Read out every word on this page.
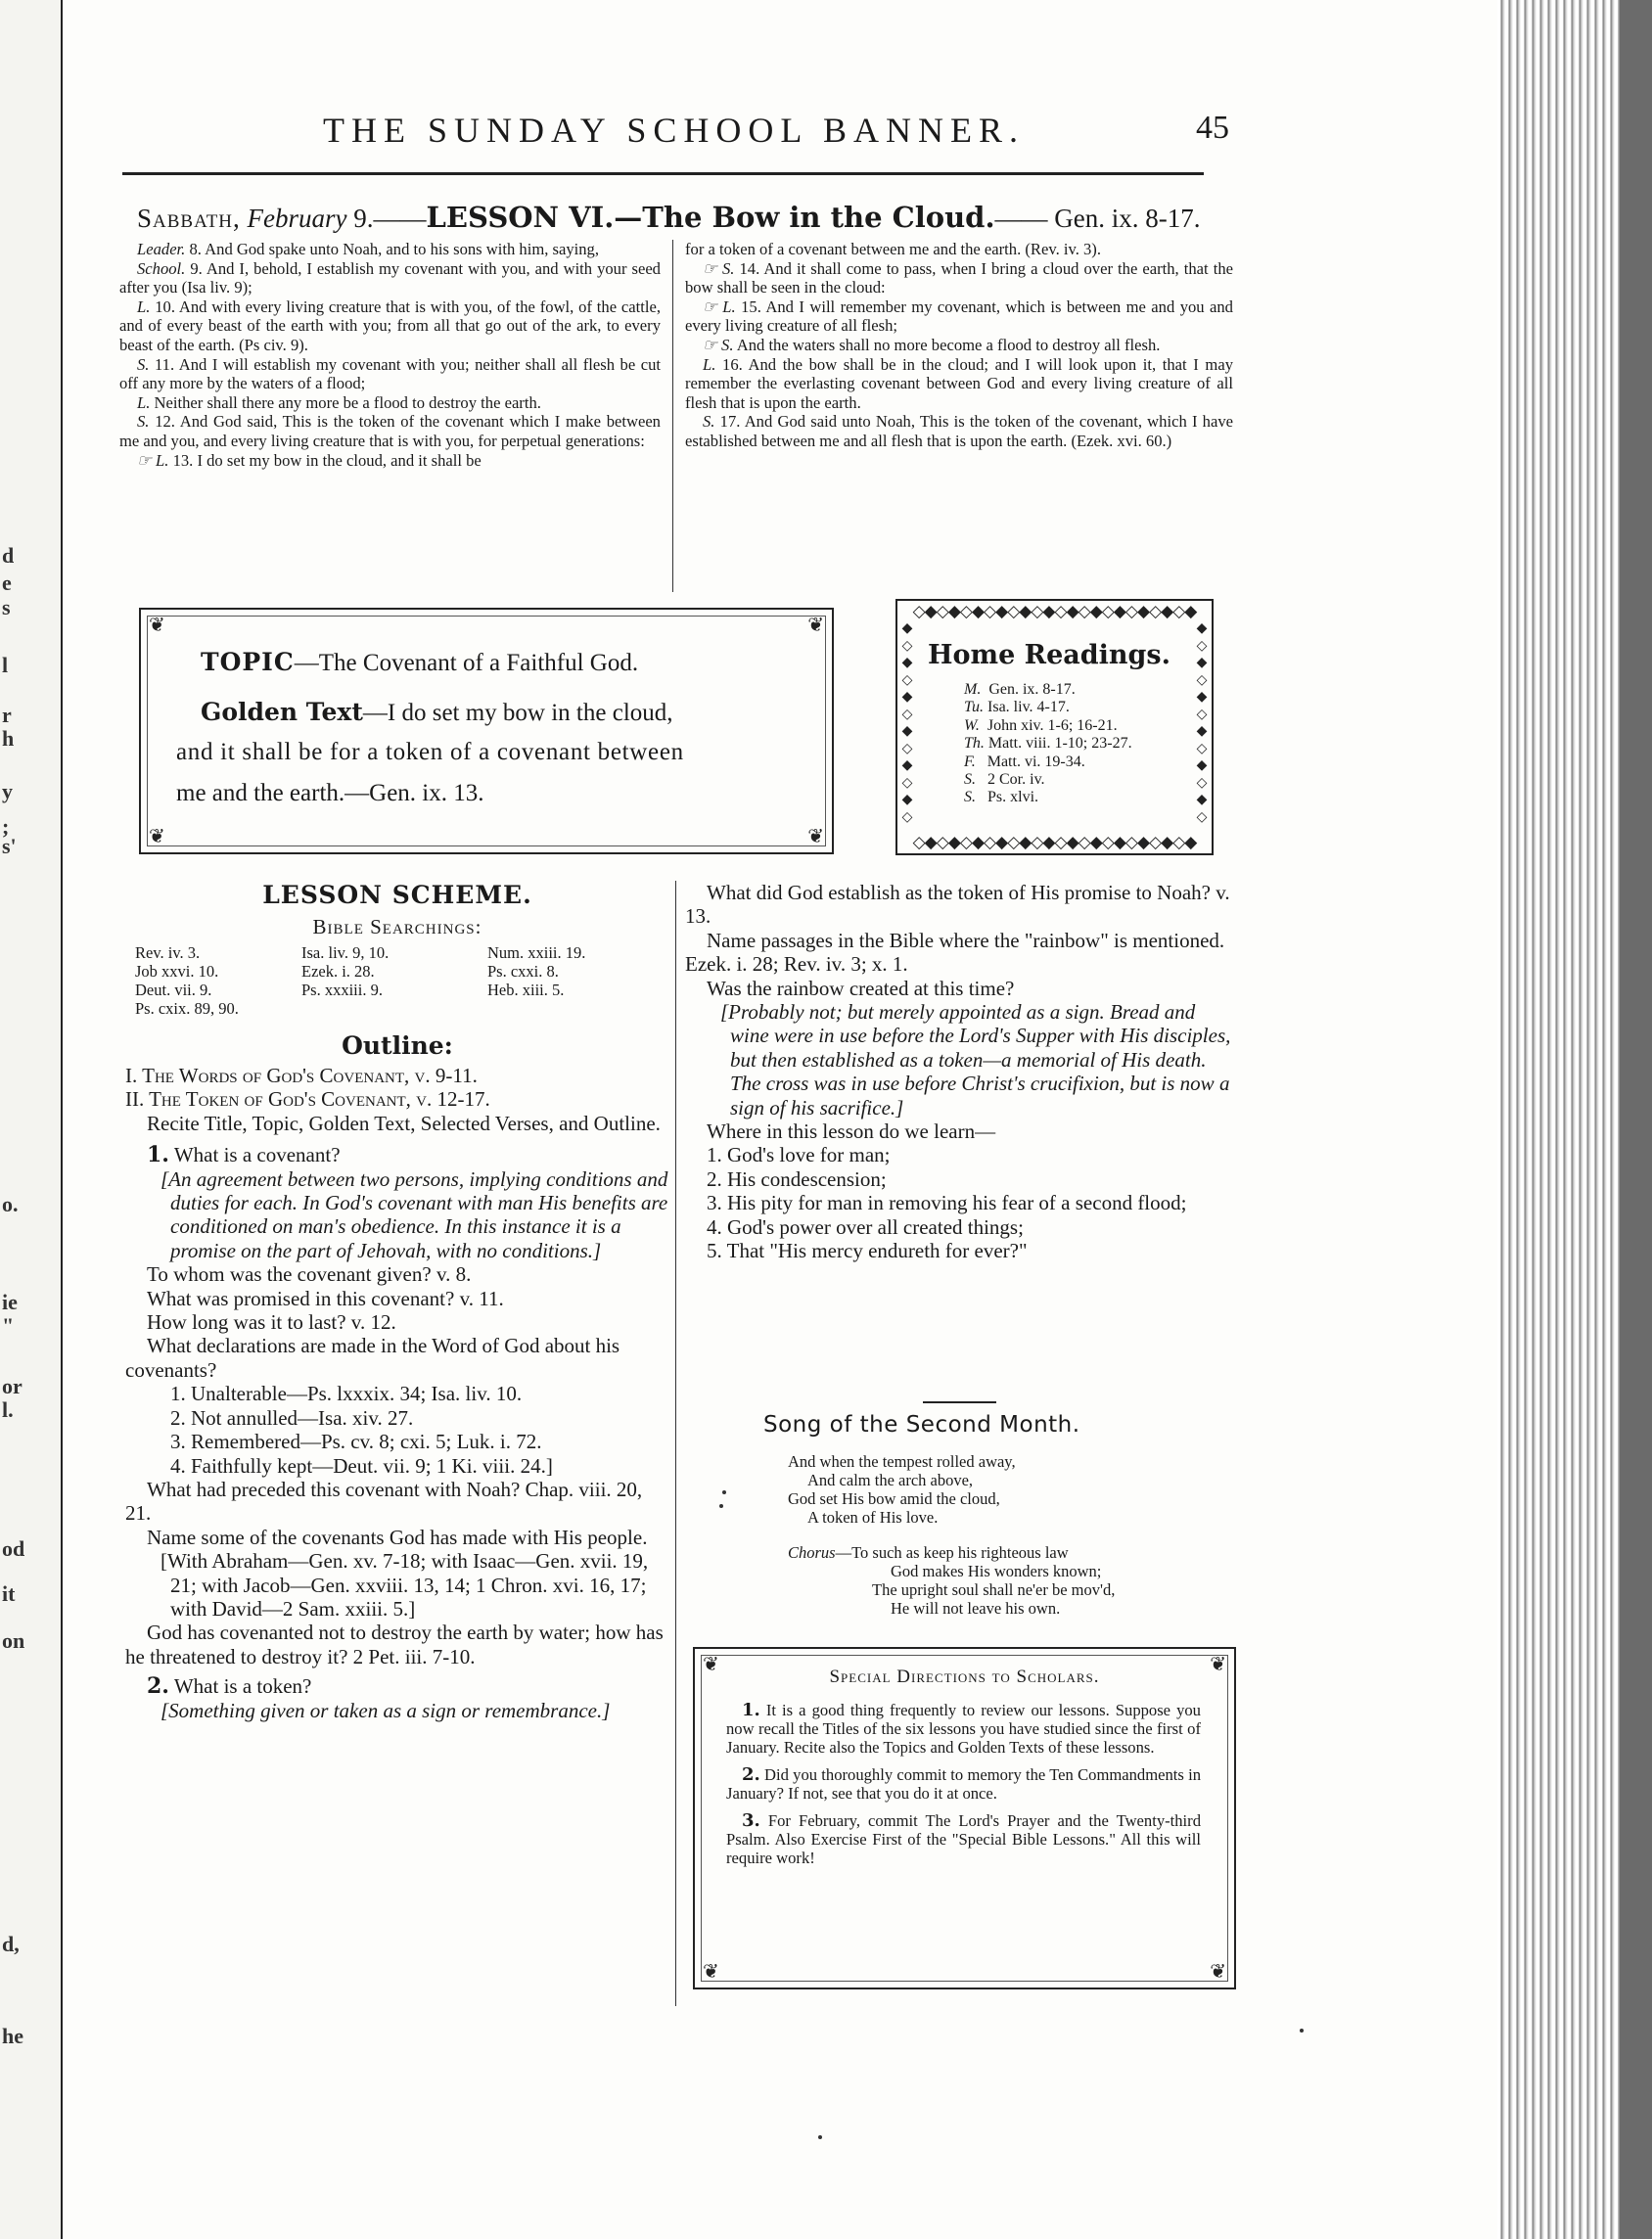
d
e
s
l
r
h
y
;
s'
o.
ie
"
or
l.
od
it
on
d,
he
THE SUNDAY SCHOOL BANNER.	45
Sabbath, February 9.——LESSON VI.—The Bow in the Cloud.—— Gen. ix. 8-17.

Leader. 8. And God spake unto Noah, and to his sons with him, saying,

School. 9. And I, behold, I establish my covenant with you, and with your seed after you (Isa liv. 9);

L. 10. And with every living creature that is with you, of the fowl, of the cattle, and of every beast of the earth with you; from all that go out of the ark, to every beast of the earth. (Ps civ. 9).

S. 11. And I will establish my covenant with you; neither shall all flesh be cut off any more by the waters of a flood;

L. Neither shall there any more be a flood to destroy the earth.

S. 12. And God said, This is the token of the covenant which I make between me and you, and every living creature that is with you, for perpetual generations:

☞ L. 13. I do set my bow in the cloud, and it shall be

for a token of a covenant between me and the earth. (Rev. iv. 3).

☞ S. 14. And it shall come to pass, when I bring a cloud over the earth, that the bow shall be seen in the cloud:

☞ L. 15. And I will remember my covenant, which is between me and you and every living creature of all flesh;

☞ S. And the waters shall no more become a flood to destroy all flesh.

L. 16. And the bow shall be in the cloud; and I will look upon it, that I may remember the everlasting covenant between God and every living creature of all flesh that is upon the earth.

S. 17. And God said unto Noah, This is the token of the covenant, which I have established between me and all flesh that is upon the earth. (Ezek. xvi. 60.)

❦	❦
❦	❦
TOPIC—The Covenant of a Faithful God.
Golden Text—I do set my bow in the cloud,
and it shall be for a token of a covenant between
me and the earth.—Gen. ix. 13.
◇◆◇◆◇◆◇◆◇◆◇◆◇◆◇◆◇◆◇◆◇◆◇◆
◇◆◇◆◇◆◇◆◇◆◇◆◇◆◇◆◇◆◇◆◇◆◇◆
◆
◇
◆
◇
◆
◇
◆
◇
◆
◇
◆
◇
◆
◇
◆
◇
◆
◇
◆
◇
◆
◇
◆
◇
Home Readings.
M. Gen. ix. 8-17.
Tu. Isa. liv. 4-17.
W. John xiv. 1-6; 16-21.
Th. Matt. viii. 1-10; 23-27.
F. Matt. vi. 19-34.
S. 2 Cor. iv.
S. Ps. xlvi.
LESSON SCHEME.
Bible Searchings:
Rev. iv. 3.	Isa. liv. 9, 10.	Num. xxiii. 19.
Job xxvi. 10.	Ezek. i. 28.	Ps. cxxi. 8.
Deut. vii. 9.	Ps. xxxiii. 9.	Heb. xiii. 5.
Ps. cxix. 89, 90.
Outline:

I. The Words of God's Covenant, v. 9-11.

II. The Token of God's Covenant, v. 12-17.

Recite Title, Topic, Golden Text, Selected Verses, and Outline.

1. What is a covenant?

[An agreement between two persons, implying conditions and duties for each. In God's covenant with man His benefits are conditioned on man's obedience. In this instance it is a promise on the part of Jehovah, with no conditions.]

To whom was the covenant given? v. 8.

What was promised in this covenant? v. 11.

How long was it to last? v. 12.

What declarations are made in the Word of God about his covenants?

1. Unalterable—Ps. lxxxix. 34; Isa. liv. 10.

2. Not annulled—Isa. xiv. 27.

3. Remembered—Ps. cv. 8; cxi. 5; Luk. i. 72.

4. Faithfully kept—Deut. vii. 9; 1 Ki. viii. 24.]

What had preceded this covenant with Noah? Chap. viii. 20, 21.

Name some of the covenants God has made with His people.

[With Abraham—Gen. xv. 7-18; with Isaac—Gen. xvii. 19, 21; with Jacob—Gen. xxviii. 13, 14; 1 Chron. xvi. 16, 17; with David—2 Sam. xxiii. 5.]

God has covenanted not to destroy the earth by water; how has he threatened to destroy it? 2 Pet. iii. 7-10.

2. What is a token?

[Something given or taken as a sign or remembrance.]

What did God establish as the token of His promise to Noah? v. 13.

Name passages in the Bible where the "rainbow" is mentioned. Ezek. i. 28; Rev. iv. 3; x. 1.

Was the rainbow created at this time?

[Probably not; but merely appointed as a sign. Bread and wine were in use before the Lord's Supper with His disciples, but then established as a token—a memorial of His death. The cross was in use before Christ's crucifixion, but is now a sign of his sacrifice.]

Where in this lesson do we learn—

1. God's love for man;

2. His condescension;

3. His pity for man in removing his fear of a second flood;

4. God's power over all created things;

5. That "His mercy endureth for ever?"

Song of the Second Month.
And when the tempest rolled away,
And calm the arch above,
God set His bow amid the cloud,
A token of His love.
Chorus—To such as keep his righteous law
God makes His wonders known;
The upright soul shall ne'er be mov'd,
He will not leave his own.
❦	❦
❦	❦
Special Directions to Scholars.

1. It is a good thing frequently to review our lessons. Suppose you now recall the Titles of the six lessons you have studied since the first of January. Recite also the Topics and Golden Texts of these lessons.

2. Did you thoroughly commit to memory the Ten Commandments in January? If not, see that you do it at once.

3. For February, commit The Lord's Prayer and the Twenty-third Psalm. Also Exercise First of the "Special Bible Lessons." All this will require work!
